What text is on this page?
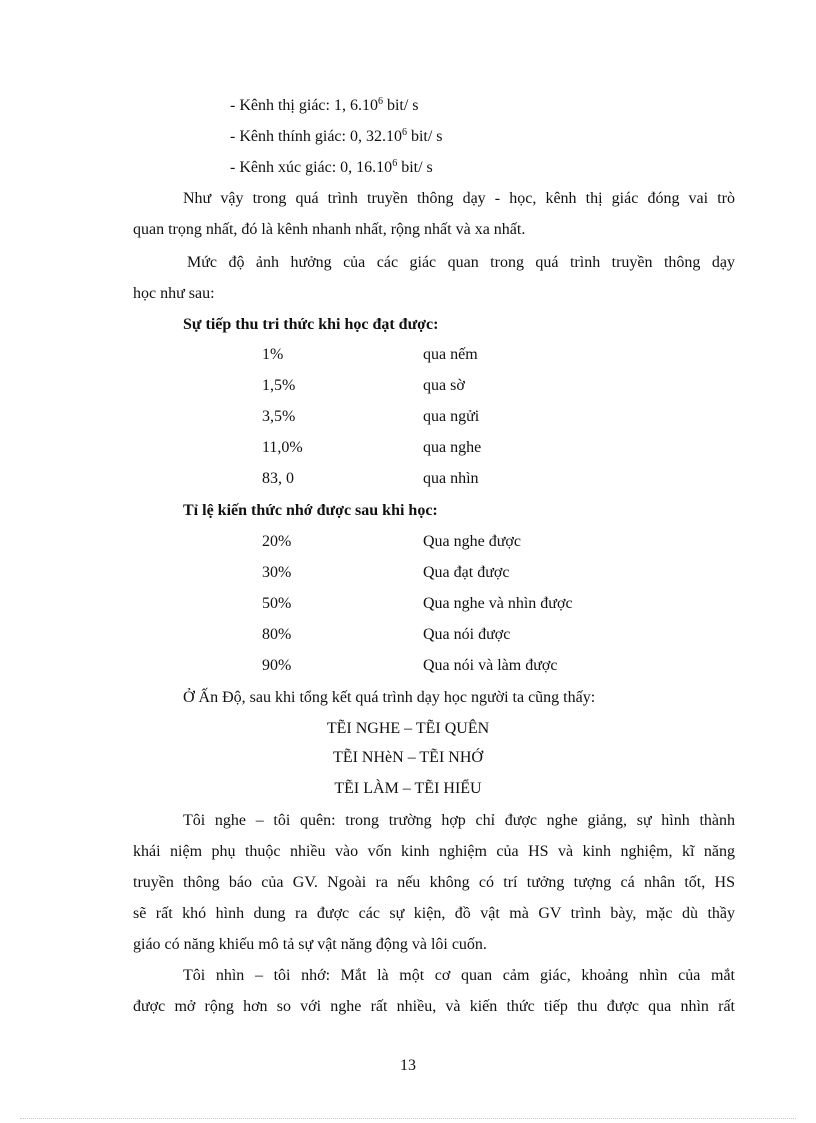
- Kênh thị giác: 1, 6.10$^6$ bit/ s
- Kênh thính giác: 0, 32.10$^6$ bit/ s
- Kênh xúc giác: 0, 16.10$^6$ bit/ s
Như vậy trong quá trình truyền thông dạy - học, kênh thị giác đóng vai trò
quan trọng nhất, đó là kênh nhanh nhất, rộng nhất và xa nhất.
Mức độ ảnh hưởng của các giác quan trong quá trình truyền thông dạy
học như sau:
Sự tiếp thu tri thức khi học đạt được:
1%	qua nếm
1,5%	qua sờ
3,5%	qua ngửi
11,0%	qua nghe
83, 0	qua nhìn
Tỉ lệ kiến thức nhớ được sau khi học:
20%	Qua nghe được
30%	Qua đạt được
50%	Qua nghe và nhìn được
80%	Qua nói được
90%	Qua nói và làm được
Ở Ấn Độ, sau khi tổng kết quá trình dạy học người ta cũng thấy:
TẼI NGHE – TẼI QUÊN
TẼI NHèN – TẼI NHỚ
TẼI LÀM – TẼI HIỂU
Tôi nghe – tôi quên: trong trường hợp chỉ được nghe giảng, sự hình thành
khái niệm phụ thuộc nhiều vào vốn kinh nghiệm của HS và kinh nghiệm, kĩ năng
truyền thông báo của GV. Ngoài ra nếu không có trí tưởng tượng cá nhân tốt, HS
sẽ rất khó hình dung ra được các sự kiện, đồ vật mà GV trình bày, mặc dù thầy
giáo có năng khiếu mô tả sự vật năng động và lôi cuốn.
Tôi nhìn – tôi nhớ: Mắt là một cơ quan cảm giác, khoảng nhìn của mắt
được mở rộng hơn so với nghe rất nhiều, và kiến thức tiếp thu được qua nhìn rất
13
